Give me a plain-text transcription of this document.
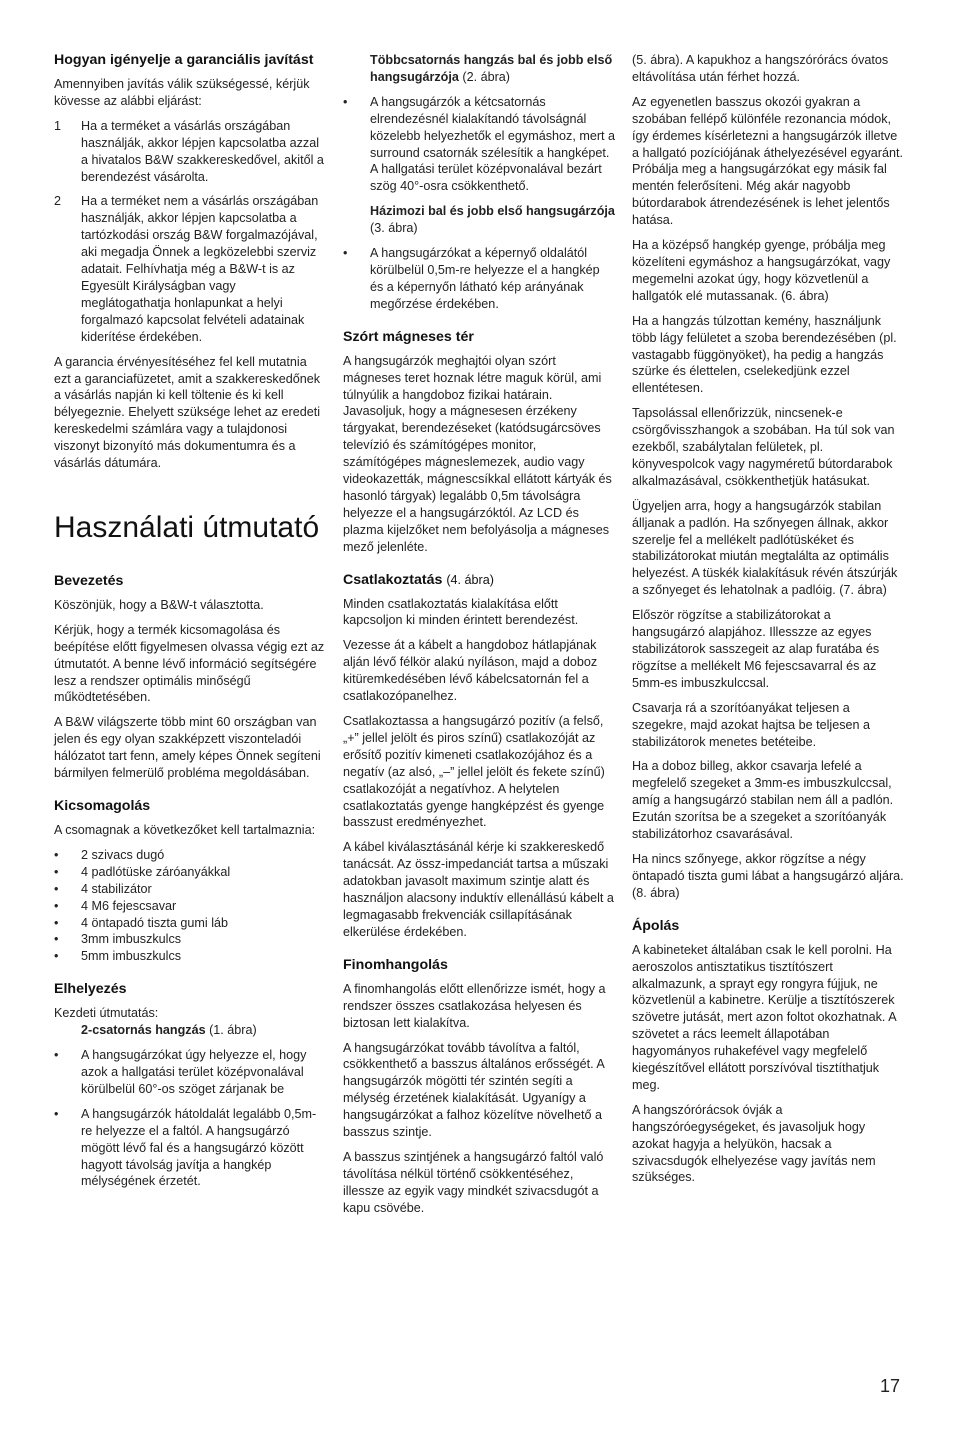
Hogyan igényelje a garanciális javítást

Amennyiben javítás válik szükségessé, kérjük kövesse az alábbi eljárást:

1 Ha a terméket a vásárlás országában használják, akkor lépjen kapcsolatba azzal a hivatalos B&W szakkereskedővel, akitől a berendezést vásárolta.
2 Ha a terméket nem a vásárlás országában használják, akkor lépjen kapcsolatba a tartózkodási ország B&W forgalmazójával, aki megadja Önnek a legközelebbi szerviz adatait. Felhívhatja még a B&W-t is az Egyesült Királyságban vagy meglátogathatja honlapunkat a helyi forgalmazó kapcsolat felvételi adatainak kiderítése érdekében.

A garancia érvényesítéséhez fel kell mutatnia ezt a garanciafüzetet, amit a szakkereskedőnek a vásárlás napján ki kell töltenie és ki kell bélyegeznie. Ehelyett szüksége lehet az eredeti kereskedelmi számlára vagy a tulajdonosi viszonyt bizonyító más dokumentumra és a vásárlás dátumára.

Használati útmutató
Bevezetés

Köszönjük, hogy a B&W-t választotta.

Kérjük, hogy a termék kicsomagolása és beépítése előtt figyelmesen olvassa végig ezt az útmutatót. A benne lévő információ segítségére lesz a rendszer optimális minőségű működtetésében.

A B&W világszerte több mint 60 országban van jelen és egy olyan szakképzett viszonteladói hálózatot tart fenn, amely képes Önnek segíteni bármilyen felmerülő probléma megoldásában.

Kicsomagolás

A csomagnak a következőket kell tartalmaznia:

• 2 szivacs dugó
• 4 padlótüske záróanyákkal
• 4 stabilizátor
• 4 M6 fejescsavar
• 4 öntapadó tiszta gumi láb
• 3mm imbuszkulcs
• 5mm imbuszkulcs
Elhelyezés

Kezdeti útmutatás:

2-csatornás hangzás (1. ábra)

• A hangsugárzókat úgy helyezze el, hogy azok a hallgatási terület középvonalával körülbelül 60°-os szöget zárjanak be
• A hangsugárzók hátoldalát legalább 0,5m-re helyezze el a faltól. A hangsugárzó mögött lévő fal és a hangsugárzó között hagyott távolság javítja a hangkép mélységének érzetét.

Többcsatornás hangzás bal és jobb első hangsugárzója (2. ábra)

• A hangsugárzók a kétcsatornás elrendezésnél kialakítandó távolságnál közelebb helyezhetők el egymáshoz, mert a surround csatornák szélesítik a hangképet. A hallgatási terület középvonalával bezárt szög 40°-osra csökkenthető.

Házimozi bal és jobb első hangsugárzója (3. ábra)

• A hangsugárzókat a képernyő oldalától körülbelül 0,5m-re helyezze el a hangkép és a képernyőn látható kép arányának megőrzése érdekében.
Szórt mágneses tér

A hangsugárzók meghajtói olyan szórt mágneses teret hoznak létre maguk körül, ami túlnyúlik a hangdoboz fizikai határain. Javasoljuk, hogy a mágnesesen érzékeny tárgyakat, berendezéseket (katódsugárcsöves televízió és számítógépes monitor, számítógépes mágneslemezek, audio vagy videokazetták, mágnescsíkkal ellátott kártyák és hasonló tárgyak) legalább 0,5m távolságra helyezze el a hangsugárzóktól. Az LCD és plazma kijelzőket nem befolyásolja a mágneses mező jelenléte.

Csatlakoztatás (4. ábra)

Minden csatlakoztatás kialakítása előtt kapcsoljon ki minden érintett berendezést.

Vezesse át a kábelt a hangdoboz hátlapjának alján lévő félkör alakú nyíláson, majd a doboz kitüremkedésében lévő kábelcsatornán fel a csatlakozópanelhez.

Csatlakoztassa a hangsugárzó pozitív (a felső, „+” jellel jelölt és piros színű) csatlakozóját az erősítő pozitív kimeneti csatlakozójához és a negatív (az alsó, „–” jellel jelölt és fekete színű) csatlakozóját a negatívhoz. A helytelen csatlakoztatás gyenge hangképzést és gyenge basszust eredményezhet.

A kábel kiválasztásánál kérje ki szakkereskedő tanácsát. Az össz-impedanciát tartsa a műszaki adatokban javasolt maximum szintje alatt és használjon alacsony induktív ellenállású kábelt a legmagasabb frekvenciák csillapításának elkerülése érdekében.

Finomhangolás

A finomhangolás előtt ellenőrizze ismét, hogy a rendszer összes csatlakozása helyesen és biztosan lett kialakítva.

A hangsugárzókat tovább távolítva a faltól, csökkenthető a basszus általános erősségét. A hangsugárzók mögötti tér szintén segíti a mélység érzetének kialakítását. Ugyanígy a hangsugárzókat a falhoz közelítve növelhető a basszus szintje.

A basszus szintjének a hangsugárzó faltól való távolítása nélkül történő csökkentéséhez, illessze az egyik vagy mindkét szivacsdugót a kapu csövébe.

(5. ábra). A kapukhoz a hangszórórács óvatos eltávolítása után férhet hozzá.

Az egyenetlen basszus okozói gyakran a szobában fellépő különféle rezonancia módok, így érdemes kísérletezni a hangsugárzók illetve a hallgató pozíciójának áthelyezésével egyaránt. Próbálja meg a hangsugárzókat egy másik fal mentén felerősíteni. Még akár nagyobb bútordarabok átrendezésének is lehet jelentős hatása.

Ha a középső hangkép gyenge, próbálja meg közelíteni egymáshoz a hangsugárzókat, vagy megemelni azokat úgy, hogy közvetlenül a hallgatók elé mutassanak. (6. ábra)

Ha a hangzás túlzottan kemény, használjunk több lágy felületet a szoba berendezésében (pl. vastagabb függönyöket), ha pedig a hangzás szürke és élettelen, cselekedjünk ezzel ellentétesen.

Tapsolással ellenőrizzük, nincsenek-e csörgővisszhangok a szobában. Ha túl sok van ezekből, szabálytalan felületek, pl. könyvespolcok vagy nagyméretű bútordarabok alkalmazásával, csökkenthetjük hatásukat.

Ügyeljen arra, hogy a hangsugárzók stabilan álljanak a padlón. Ha szőnyegen állnak, akkor szerelje fel a mellékelt padlótüskéket és stabilizátorokat miután megtalálta az optimális helyezést. A tüskék kialakításuk révén átszúrják a szőnyeget és lehatolnak a padlóig. (7. ábra)

Először rögzítse a stabilizátorokat a hangsugárzó alapjához. Illesszze az egyes stabilizátorok sasszegeit az alap furatába és rögzítse a mellékelt M6 fejescsavarral és az 5mm-es imbuszkulccsal.

Csavarja rá a szorítóanyákat teljesen a szegekre, majd azokat hajtsa be teljesen a stabilizátorok menetes betéteibe.

Ha a doboz billeg, akkor csavarja lefelé a megfelelő szegeket a 3mm-es imbuszkulccsal, amíg a hangsugárzó stabilan nem áll a padlón. Ezután szorítsa be a szegeket a szorítóanyák stabilizátorhoz csavarásával.

Ha nincs szőnyege, akkor rögzítse a négy öntapadó tiszta gumi lábat a hangsugárzó aljára. (8. ábra)

Ápolás

A kabineteket általában csak le kell porolni. Ha aeroszolos antisztatikus tisztítószert alkalmazunk, a sprayt egy rongyra fújjuk, ne közvetlenül a kabinetre. Kerülje a tisztítószerek szövetre jutását, mert azon foltot okozhatnak. A szövetet a rács leemelt állapotában hagyományos ruhakefével vagy megfelelő kiegészítővel ellátott porszívóval tisztíthatjuk meg.

A hangszórórácsok óvják a hangszóróegységeket, és javasoljuk hogy azokat hagyja a helyükön, hacsak a szivacsdugók elhelyezése vagy javítás nem szükséges.

17
